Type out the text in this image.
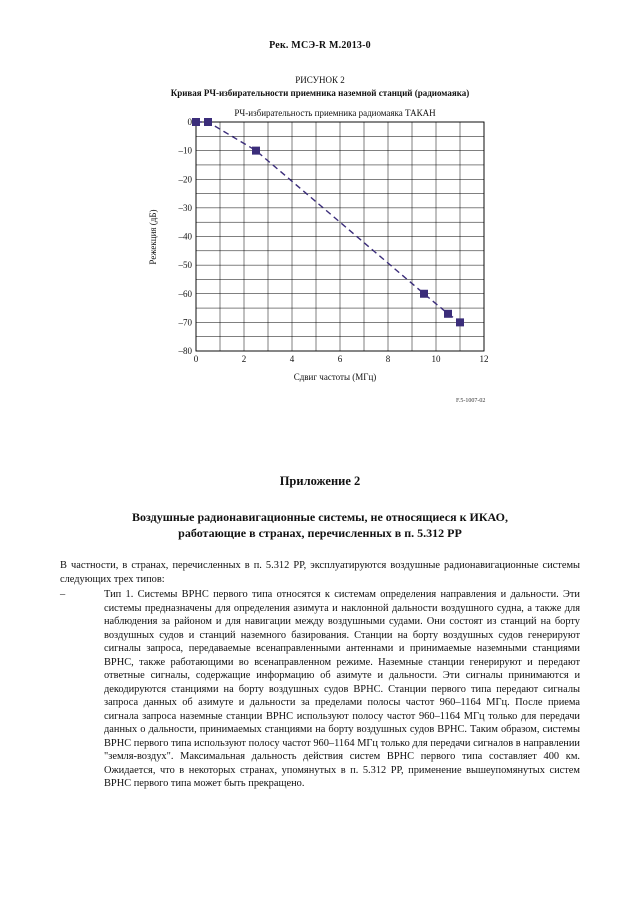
Рек. МСЭ-R M.2013-0
РИСУНОК 2
Кривая РЧ-избирательности приемника наземной станций (радиомаяка)
РЧ-избирательность приемника радиомаяка ТАКАН
0
–10
–20
–30
–40
–50
–60
–70
–80
0	2	4	6	8	10	12
Сдвиг частоты (МГц)
Режекция (дБ)
F.5-1007-02
Приложение 2
Воздушные радионавигационные системы, не относящиеся к ИКАО,
работающие в странах, перечисленных в п. 5.312 РР

В частности, в странах, перечисленных в п. 5.312 РР, эксплуатируются воздушные радионавигационные системы следующих трех типов:

–	Тип 1. Системы ВРНС первого типа относятся к системам определения направления и дальности. Эти системы предназначены для определения азимута и наклонной дальности воздушного судна, а также для наблюдения за районом и для навигации между воздушными судами. Они состоят из станций на борту воздушных судов и станций наземного базирования. Станции на борту воздушных судов генерируют сигналы запроса, передаваемые всенаправленными антеннами и принимаемые наземными станциями ВРНС, также работающими во всенаправленном режиме. Наземные станции генерируют и передают ответные сигналы, содержащие информацию об азимуте и дальности. Эти сигналы принимаются и декодируются станциями на борту воздушных судов ВРНС. Станции первого типа передают сигналы запроса данных об азимуте и дальности за пределами полосы частот 960–1164 МГц. После приема сигнала запроса наземные станции ВРНС используют полосу частот 960–1164 МГц только для передачи данных о дальности, принимаемых станциями на борту воздушных судов ВРНС. Таким образом, системы ВРНС первого типа используют полосу частот 960–1164 МГц только для передачи сигналов в направлении "земля-воздух". Максимальная дальность действия систем ВРНС первого типа составляет 400 км. Ожидается, что в некоторых странах, упомянутых в п. 5.312 РР, применение вышеупомянутых систем ВРНС первого типа может быть прекращено.
